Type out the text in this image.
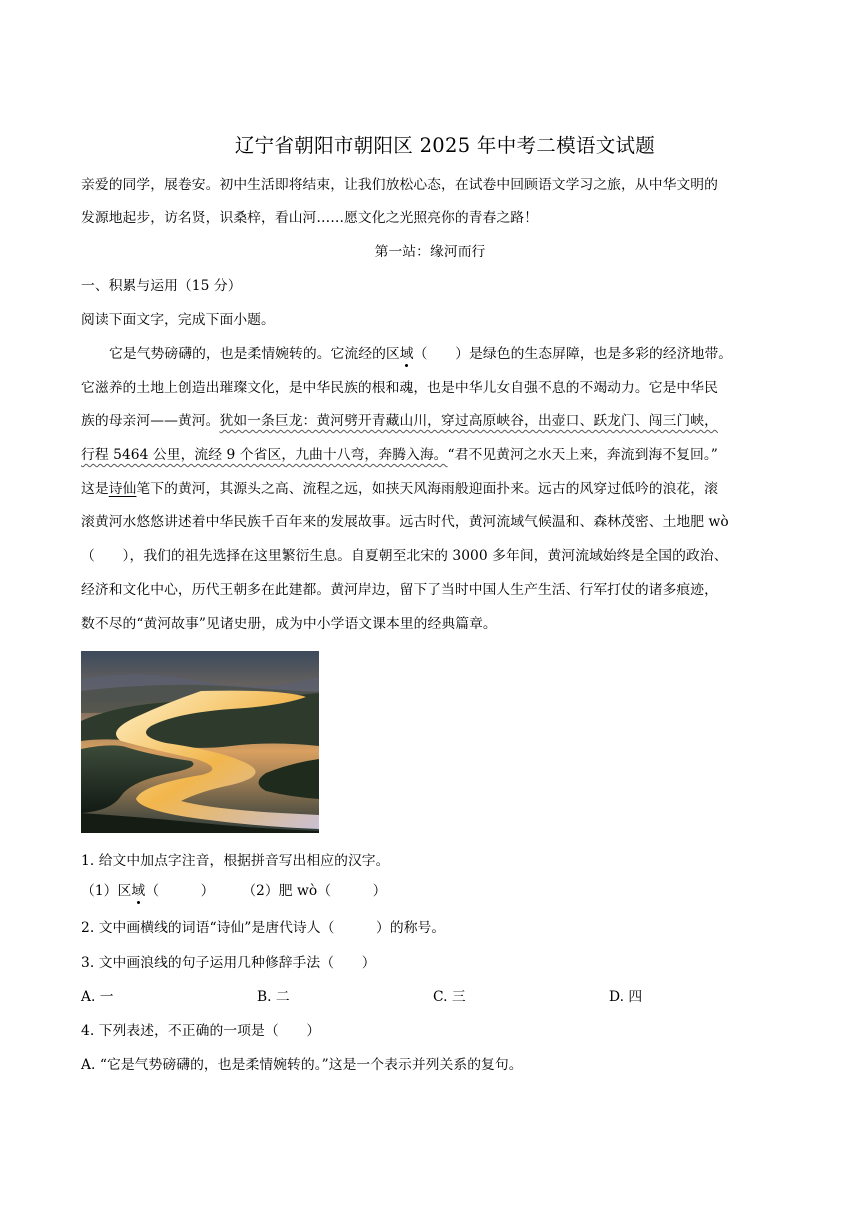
辽宁省朝阳市朝阳区 2025 年中考二模语文试题
亲爱的同学，展卷安。初中生活即将结束，让我们放松心态，在试卷中回顾语文学习之旅，从中华文明的
发源地起步，访名贤，识桑梓，看山河……愿文化之光照亮你的青春之路！
第一站：缘河而行
一、积累与运用（15 分）
阅读下面文字，完成下面小题。
它是气势磅礴的，也是柔情婉转的。它流经的区域（　　）是绿色的生态屏障，也是多彩的经济地带。
它滋养的土地上创造出璀璨文化，是中华民族的根和魂，也是中华儿女自强不息的不竭动力。它是中华民
族的母亲河——黄河。犹如一条巨龙：黄河劈开青藏山川，穿过高原峡谷，出壶口、跃龙门、闯三门峡，
行程 5464 公里，流经 9 个省区，九曲十八弯，奔腾入海。“君不见黄河之水天上来，奔流到海不复回。”
这是诗仙笔下的黄河，其源头之高、流程之远，如挟天风海雨般迎面扑来。远古的风穿过低吟的浪花，滚
滚黄河水悠悠讲述着中华民族千百年来的发展故事。远古时代，黄河流域气候温和、森林茂密、土地肥 wò
（　　），我们的祖先选择在这里繁衍生息。自夏朝至北宋的 3000 多年间，黄河流域始终是全国的政治、
经济和文化中心，历代王朝多在此建都。黄河岸边，留下了当时中国人生产生活、行军打仗的诸多痕迹，
数不尽的“黄河故事”见诸史册，成为中小学语文课本里的经典篇章。
1. 给文中加点字注音，根据拼音写出相应的汉字。
（1）区域（　　　）　　　（2）肥 wò（　　　）
2. 文中画横线的词语“诗仙”是唐代诗人（　　　）的称号。
3. 文中画浪线的句子运用几种修辞手法（　　）
A. 一	B. 二	C. 三	D. 四
4. 下列表述，不正确的一项是（　　）
A. “它是气势磅礴的，也是柔情婉转的。”这是一个表示并列关系的复句。
